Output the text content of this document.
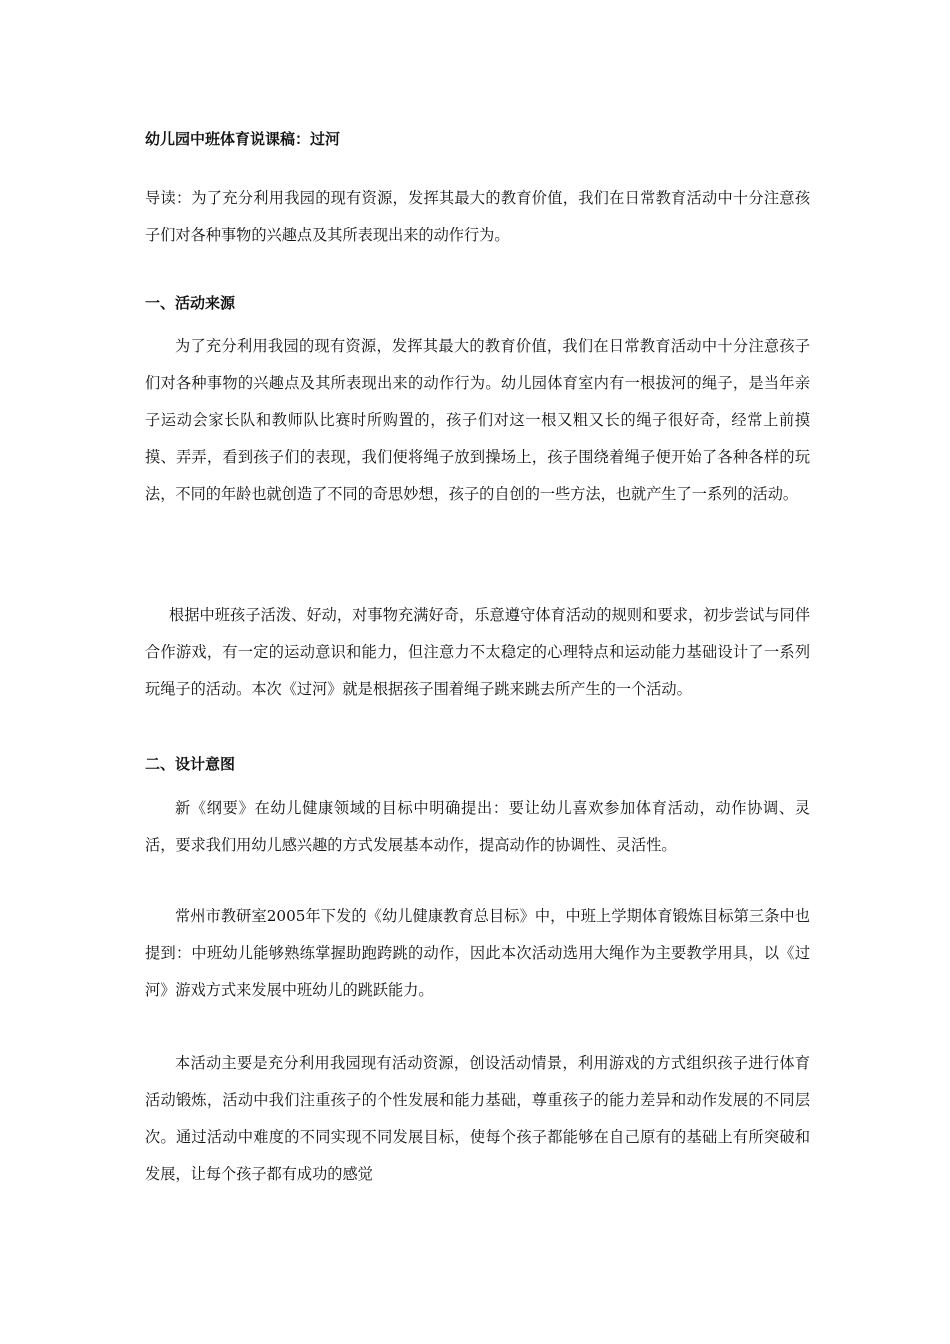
幼儿园中班体育说课稿：过河

导读：为了充分利用我园的现有资源，发挥其最大的教育价值，我们在日常教育活动中十分注意孩子们对各种事物的兴趣点及其所表现出来的动作行为。

一、活动来源

为了充分利用我园的现有资源，发挥其最大的教育价值，我们在日常教育活动中十分注意孩子们对各种事物的兴趣点及其所表现出来的动作行为。幼儿园体育室内有一根拔河的绳子，是当年亲子运动会家长队和教师队比赛时所购置的，孩子们对这一根又粗又长的绳子很好奇，经常上前摸摸、弄弄，看到孩子们的表现，我们便将绳子放到操场上，孩子围绕着绳子便开始了各种各样的玩法，不同的年龄也就创造了不同的奇思妙想，孩子的自创的一些方法，也就产生了一系列的活动。

根据中班孩子活泼、好动，对事物充满好奇，乐意遵守体育活动的规则和要求，初步尝试与同伴合作游戏，有一定的运动意识和能力，但注意力不太稳定的心理特点和运动能力基础设计了一系列玩绳子的活动。本次《过河》就是根据孩子围着绳子跳来跳去所产生的一个活动。

二、设计意图

新《纲要》在幼儿健康领域的目标中明确提出：要让幼儿喜欢参加体育活动，动作协调、灵活，要求我们用幼儿感兴趣的方式发展基本动作，提高动作的协调性、灵活性。

常州市教研室2005年下发的《幼儿健康教育总目标》中，中班上学期体育锻炼目标第三条中也提到：中班幼儿能够熟练掌握助跑跨跳的动作，因此本次活动选用大绳作为主要教学用具，以《过河》游戏方式来发展中班幼儿的跳跃能力。

本活动主要是充分利用我园现有活动资源，创设活动情景，利用游戏的方式组织孩子进行体育活动锻炼，活动中我们注重孩子的个性发展和能力基础，尊重孩子的能力差异和动作发展的不同层次。通过活动中难度的不同实现不同发展目标，使每个孩子都能够在自己原有的基础上有所突破和发展，让每个孩子都有成功的感觉
